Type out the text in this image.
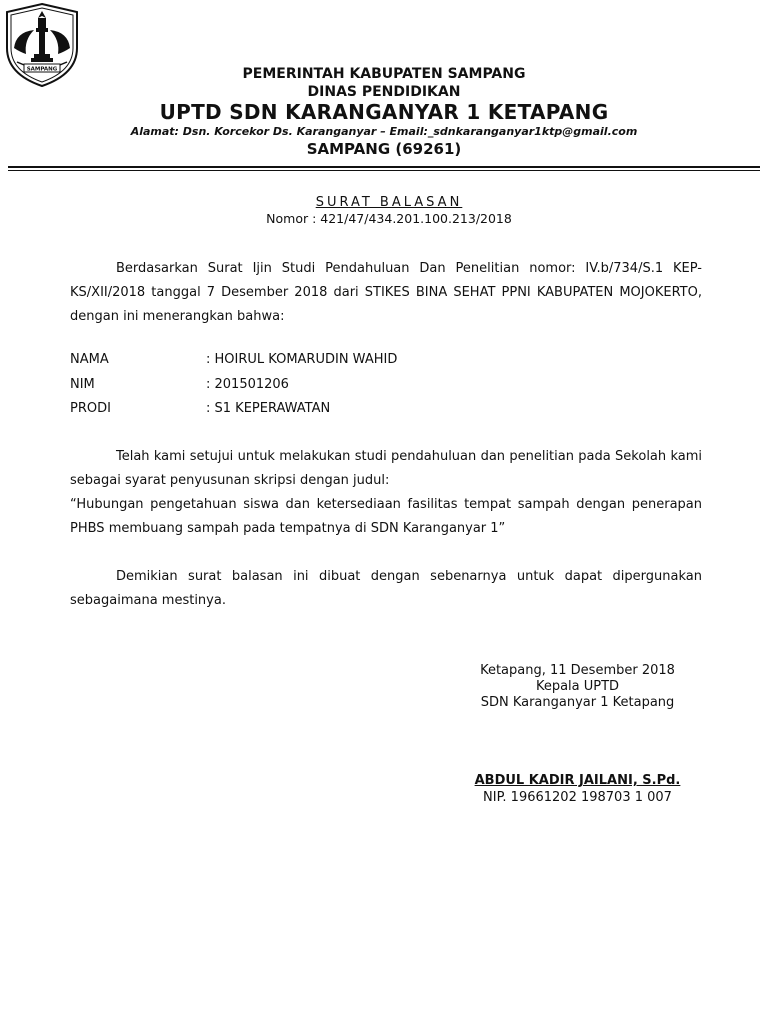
SAMPANG	PEMERINTAH KABUPATEN SAMPANG
DINAS PENDIDIKAN
UPTD SDN KARANGANYAR 1 KETAPANG
Alamat: Dsn. Korcekor Ds. Karanganyar – Email:_sdnkaranganyar1ktp@gmail.com
SAMPANG (69261)
SURAT BALASAN
Nomor : 421/47/434.201.100.213/2018
Berdasarkan Surat Ijin Studi Pendahuluan Dan Penelitian nomor: IV.b/734/S.1 KEP-KS/XII/2018 tanggal 7 Desember 2018 dari STIKES BINA SEHAT PPNI KABUPATEN MOJOKERTO, dengan ini menerangkan bahwa:
NAMA	: HOIRUL KOMARUDIN WAHID
NIM	: 201501206
PRODI	: S1 KEPERAWATAN
Telah kami setujui untuk melakukan studi pendahuluan dan penelitian pada Sekolah kami sebagai syarat penyusunan skripsi dengan judul:
“Hubungan pengetahuan siswa dan ketersediaan fasilitas tempat sampah dengan penerapan PHBS membuang sampah pada tempatnya di SDN Karanganyar 1”
Demikian surat balasan ini dibuat dengan sebenarnya untuk dapat dipergunakan sebagaimana mestinya.
Ketapang, 11 Desember 2018
Kepala UPTD
SDN Karanganyar 1 Ketapang
ABDUL KADIR JAILANI, S.Pd.
NIP. 19661202 198703 1 007
